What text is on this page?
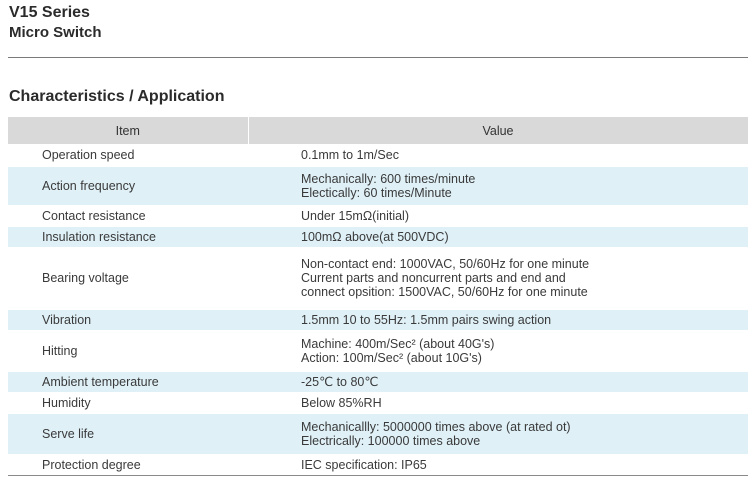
V15 Series
Micro Switch
Characteristics / Application
Item	Value
Operation speed	0.1mm to 1m/Sec

Action frequency	Mechanically: 600 times/minute
Electically: 60 times/Minute

Contact resistance	Under 15mΩ(initial)

Insulation resistance	100mΩ above(at 500VDC)

Bearing voltage	Non-contact end: 1000VAC, 50/60Hz for one minute
Current parts and noncurrent parts and end and
connect opsition: 1500VAC, 50/60Hz for one minute

Vibration	1.5mm 10 to 55Hz: 1.5mm pairs swing action

Hitting	Machine: 400m/Sec² (about 40G's)
Action: 100m/Sec² (about 10G's)

Ambient temperature	-25℃ to 80℃

Humidity	Below 85%RH

Serve life	Mechanicallly: 5000000 times above (at rated ot)
Electrically: 100000 times above

Protection degree	IEC specification: IP65
